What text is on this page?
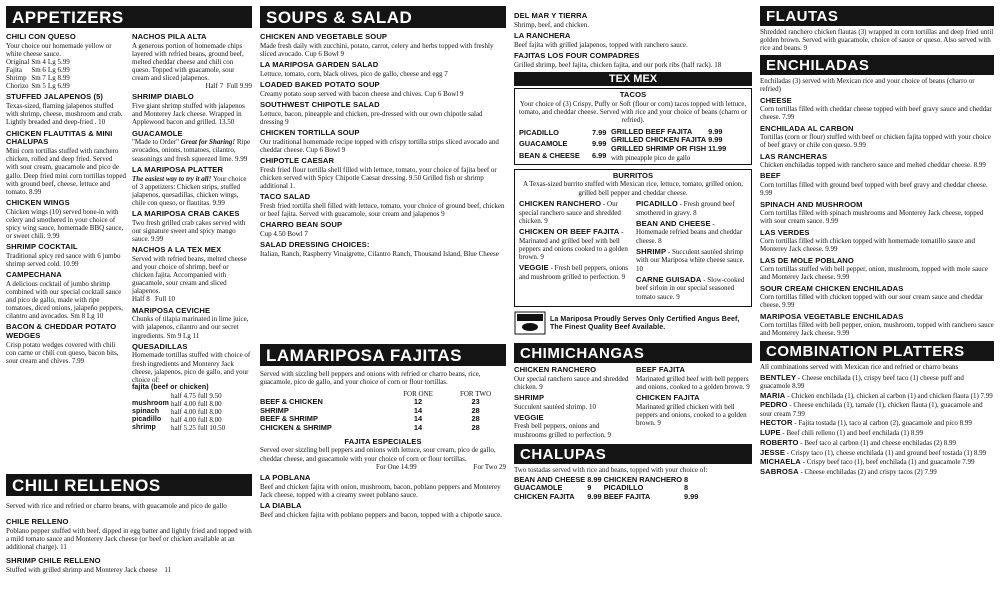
APPETIZERS
CHILI CON QUESO
Your choice our homemade yellow or white cheese sauce.
Original	Sm 4	Lg 5.99
Fajita	Sm 6	Lg 6.99
Shrimp	Sm 7	Lg 8.99
Chorizo	Sm 5	Lg 6.99
STUFFED JALAPENOS (5)
Texas-sized, flaming jalapenos stuffed with shrimp, cheese, mushroom and crab. Lightly breaded and deep-fried . 10
CHICKEN FLAUTITAS & MINI CHALUPAS
Mini corn tortillas stuffed with ranchero chicken, rolled and deep fried. Served with sour cream, guacamole and pico de gallo. Deep fried mini corn tortillas topped with ground beef, cheese, lettuce and tomato. 8.99
CHICKEN WINGS
Chicken wings (10) served bone-in with celery and smothered in your choice of spicy wing sauce, homemade BBQ sauce, or sweet chili. 9.99
SHRIMP COCKTAIL
Traditional spicy red sauce with 6 jumbo shrimp served cold. 10.99
CAMPECHANA
A delicious cocktail of jumbo shrimp combined with our special cocktail sauce and pico de gallo, made with ripe tomatoes, diced onions, jalapeño peppers, cilantro and avocados. Sm 8 Lg 10
BACON & CHEDDAR POTATO WEDGES
Crisp potato wedges covered with chili con carne or chili con queso, bacon bits, sour cream and chives. 7.99
NACHOS PILA ALTA
A generous portion of homemade chips layered with refried beans, ground beef, melted cheddar cheese and chili con queso. Topped with guacamole, sour cream and sliced jalapenos.
Half 7 Full 9.99
SHRIMP DIABLO
Five giant shrimp stuffed with jalapenos and Monterey Jack cheese. Wrapped in Applewood bacon and grilled. 13.50
GUACAMOLE
"Made to Order" Great for Sharing! Ripe avocados, onions, tomatoes, cilantro, seasonings and fresh squeezed lime. 9.99
LA MARIPOSA PLATTER
The easiest way to try it all! Your choice of 3 appetizers: Chicken strips, stuffed jalapenos, quesadillas, chicken wings, chile con queso, or flautitas. 9.99
LA MARIPOSA CRAB CAKES
Two fresh grilled crab cakes served with our signature sweet and spicy mango sauce. 9.99
NACHOS A LA TEX MEX
Served with refried beans, melted cheese and your choice of shrimp, beef or chicken fajita. Accompanied with guacamole, sour cream and sliced jalapenos.
Half 8 Full 10
MARIPOSA CEVICHE
Chunks of tilapia marinated in lime juice, with jalapenos, cilantro and our secret ingredients. Sm 9 Lg 11
QUESADILLAS
Homemade tortillas stuffed with choice of fresh ingredients and Monterey Jack cheese, jalapenos, pico de gallo, and your choice of:
fajita (beef or chicken)
	half 4.75	full 9.50
mushroom	half 4.00	full 8.00
spinach	half 4.00	full 8.00
picadillo	half 4.00	full 8.00
shrimp	half 5.25	full 10.50
CHILI RELLENOS
Served with rice and refried or charro beans, with guacamole and pico de gallo
CHILE RELLENO
Poblano pepper stuffed with beef, dipped in egg batter and lightly fried and topped with a mild tomato sauce and Monterey Jack cheese (or beef or chicken available at an additional charge). 11
SHRIMP CHILE RELLENO
Stuffed with grilled shrimp and Monterey Jack cheese 11
SOUPS & SALAD
CHICKEN AND VEGETABLE SOUP
Made fresh daily with zucchini, potato, carrot, celery and herbs topped with freshly sliced avocado. Cup 6 Bowl 9
LA MARIPOSA GARDEN SALAD
Lettuce, tomato, corn, black olives, pico de gallo, cheese and egg 7
LOADED BAKED POTATO SOUP
Creamy potato soup served with bacon cheese and chives. Cup 6 Bowl 9
SOUTHWEST CHIPOTLE SALAD
Lettuce, bacon, pineapple and chicken, pre-dressed with our own chipotle salad dressing 9
CHICKEN TORTILLA SOUP
Our traditional homemade recipe topped with crispy tortilla strips sliced avocado and cheddar cheese. Cup 6 Bowl 9
CHIPOTLE CAESAR
Fresh fried flour tortilla shell filled with lettuce, tomato, your choice of fajita beef or chicken served with Spicy Chipotle Caesar dressing. 9.50 Grilled fish or shrimp additional 1.
TACO SALAD
Fresh fried tortilla shell filled with lettuce, tomato, your choice of ground beef, chicken or beef fajita. Served with guacamole, sour cream and jalapenos 9
CHARRO BEAN SOUP
Cup 4.50 Bowl 7
SALAD DRESSING CHOICES:
Italian, Ranch, Raspberry Vinaigrette, Cilantro Ranch, Thousand Island, Blue Cheese
LAMARIPOSA FAJITAS
Served with sizzling bell peppers and onions with refried or charro beans, rice, guacamole, pico de gallo, and your choice of corn or flour tortillas.
	FOR ONE	FOR TWO
BEEF & CHICKEN	12	23
SHRIMP	14	28
BEEF & SHRIMP	14	28
CHICKEN & SHRIMP	14	28
FAJITA ESPECIALES
Served over sizzling bell peppers and onions with lettuce, sour cream, pico de gallo, cheddar cheese, and guacamole with your choice of corn or flour tortillas.
For One 14.99	For Two 29
LA POBLANA
Beef and chicken fajita with onion, mushroom, bacon, poblano peppers and Monterey Jack cheese, topped with a creamy sweet poblano sauce.
LA DIABLA
Beef and chicken fajita with poblano peppers and bacon, topped with a chipotle sauce.
DEL MAR Y TIERRA
Shrimp, beef, and chicken.
LA RANCHERA
Beef fajita with grilled jalapenos, topped with ranchero sauce.
FAJITAS LOS FOUR COMPADRES
Grilled shrimp, beef fajita, chicken fajita, and our pork ribs (half rack). 18
TEX MEX
TACOS
Your choice of (3) Crispy, Puffy or Soft (flour or corn) tacos topped with lettuce, tomato, and cheddar cheese. Served with rice and your choice of beans (charro or refried).
PICADILLO	7.99
GUACAMOLE	9.99
BEAN & CHEESE	6.99
GRILLED BEEF FAJITA	9.99
GRILLED CHICKEN FAJITA	9.99
GRILLED SHRIMP OR FISH	11.99
with pineapple pico de gallo
BURRITOS
A Texas-sized burrito stuffed with Mexican rice, lettuce, tomato, grilled onion, grilled bell pepper and cheddar cheese.
CHICKEN RANCHERO - Our special ranchero sauce and shredded chicken. 9
CHICKEN OR BEEF FAJITA - Marinated and grilled beef with bell peppers and onions cooked to a golden brown. 9
VEGGIE - Fresh bell peppers, onions and mushroom grilled to perfection. 9
PICADILLO - Fresh ground beef smothered in gravy. 8
BEAN AND CHEESE - Homemade refried beans and cheddar cheese. 8
SHRIMP - Succulent sautéed shrimp with our Mariposa white cheese sauce. 10
CARNE GUISADA - Slow-cooked beef sirloin in our special seasoned tomato sauce. 9
La Mariposa Proudly Serves Only Certified Angus Beef, The Finest Quality Beef Available.
CHIMICHANGAS
CHICKEN RANCHERO
Our special ranchero sauce and shredded chicken. 9
SHRIMP
Succulent sautéed shrimp. 10
VEGGIE
Fresh bell peppers, onions and mushrooms grilled to perfection. 9
BEEF FAJITA
Marinated grilled beef with bell peppers and onions, cooked to a golden brown. 9
CHICKEN FAJITA
Marinated grilled chicken with bell peppers and onions, cooked to a golden brown. 9
CHALUPAS
Two tostadas served with rice and beans, topped with your choice of:
BEAN AND CHEESE	8.99
GUACAMOLE	9
CHICKEN FAJITA	9.99
CHICKEN RANCHERO	8
PICADILLO	8
BEEF FAJITA	9.99
FLAUTAS
Shredded ranchero chicken flautas (3) wrapped in corn tortillas and deep fried until golden brown. Served with guacamole, choice of sauce or queso. Also served with rice and beans. 9
ENCHILADAS
Enchiladas (3) served with Mexican rice and your choice of beans (charro or refried)
CHEESE
Corn tortillas filled with cheddar cheese topped with beef gravy sauce and cheddar cheese. 7.99
ENCHILADA AL CARBON
Tortillas (corn or flour) stuffed with beef or chicken fajita topped with your choice of beef gravy or chile con queso. 9.99
LAS RANCHERAS
Chicken enchiladas topped with ranchero sauce and melted cheddar cheese. 8.99
BEEF
Corn tortillas filled with ground beef topped with beef gravy and cheddar cheese. 9.99
SPINACH AND MUSHROOM
Corn tortillas filled with spinach mushrooms and Monterey Jack cheese, topped with sour cream sauce. 9.99
LAS VERDES
Corn tortillas filled with chicken topped with homemade tomatillo sauce and Monterey Jack cheese. 9.99
LAS DE MOLE POBLANO
Corn tortillas stuffed with bell pepper, onion, mushroom, topped with mole sauce and Monterey Jack cheese. 9.99
SOUR CREAM CHICKEN ENCHILADAS
Corn tortillas filled with chicken topped with our sour cream sauce and cheddar cheese. 9.99
MARIPOSA VEGETABLE ENCHILADAS
Corn tortillas filled with bell pepper, onion, mushroom, topped with ranchero sauce and Monterey Jack cheese. 9.99
COMBINATION PLATTERS
All combinations served with Mexican rice and refried or charro beans
BENTLEY - Cheese enchilada (1), crispy beef taco (1) cheese puff and guacamole 8.99
MARIA - Chicken enchilada (1), chicken al carbon (1) and chicken flauta (1) 7.99
PEDRO - Cheese enchilada (1), tamale (1), chicken flauta (1), guacamole and sour cream 7.99
HECTOR - Fajita tostada (1), taco al carbon (2), guacamole and pico 8.99
LUPE - Beef chili relleno (1) and beef enchilada (1) 8.99
ROBERTO - Beef taco al carbon (1) and cheese enchiladas (2) 8.99
JESSE - Crispy taco (1), cheese enchilada (1) and ground beef tostada (1) 8.99
MICHAELA - Crispy beef taco (1), beef enchilada (1) and guacamole 7.99
SABROSA - Cheese enchiladas (2) and crispy tacos (2) 7.99
